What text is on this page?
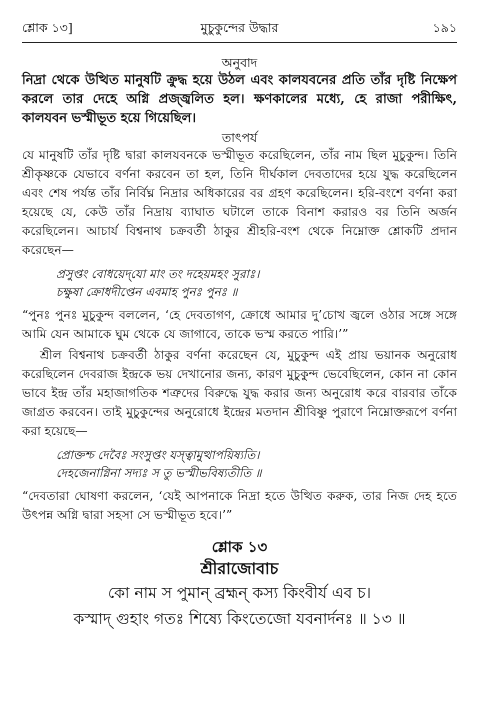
শ্লোক ১৩]	মুচুকুন্দের উদ্ধার	১৯১

অনুবাদ

নিদ্রা থেকে উত্থিত মানুষটি ক্রুদ্ধ হয়ে উঠল এবং কালযবনের প্রতি তাঁর দৃষ্টি নিক্ষেপ করলে তার দেহে অগ্নি প্রজ্জ্বলিত হল। ক্ষণকালের মধ্যে, হে রাজা পরীক্ষিৎ, কালযবন ভস্মীভূত হয়ে গিয়েছিল।

তাৎপর্য

যে মানুষটি তাঁর দৃষ্টি দ্বারা কালযবনকে ভস্মীভূত করেছিলেন, তাঁর নাম ছিল মুচুকুন্দ। তিনি শ্রীকৃষ্ণকে যেভাবে বর্ণনা করবেন তা হল, তিনি দীর্ঘকাল দেবতাদের হয়ে যুদ্ধ করেছিলেন এবং শেষ পর্যন্ত তাঁর নির্বিঘ্ন নিদ্রার অধিকারের বর গ্রহণ করেছিলেন। হরি-বংশে বর্ণনা করা হয়েছে যে, কেউ তাঁর নিদ্রায় ব্যাঘাত ঘটালে তাকে বিনাশ করারও বর তিনি অর্জন করেছিলেন। আচার্য বিশ্বনাথ চক্রবর্তী ঠাকুর শ্রীহরি-বংশ থেকে নিম্নোক্ত শ্লোকটি প্রদান করেছেন—

প্রসুপ্তং বোধয়েদ্‌যো মাং তং দহেয়মহং সুরাঃ।
চক্ষুষা ক্রোধদীপ্তেন এবমাহ পুনঃ পুনঃ ॥

“পুনঃ পুনঃ মুচুকুন্দ বললেন, ‘হে দেবতাগণ, ক্রোধে আমার দু’চোখ জ্বলে ওঠার সঙ্গে সঙ্গে আমি যেন আমাকে ঘুম থেকে যে জাগাবে, তাকে ভস্ম করতে পারি।’”

শ্রীল বিশ্বনাথ চক্রবর্তী ঠাকুর বর্ণনা করেছেন যে, মুচুকুন্দ এই প্রায় ভয়ানক অনুরোধ করেছিলেন দেবরাজ ইন্দ্রকে ভয় দেখানোর জন্য, কারণ মুচুকুন্দ ভেবেছিলেন, কোন না কোন ভাবে ইন্দ্র তাঁর মহাজাগতিক শত্রুদের বিরুদ্ধে যুদ্ধ করার জন্য অনুরোধ করে বারবার তাঁকে জাগ্রত করবেন। তাই মুচুকুন্দের অনুরোধে ইন্দ্রের মতদান শ্রীবিষ্ণু পুরাণে নিম্নোক্তরূপে বর্ণনা করা হয়েছে—

প্রোক্তশ্চ দেবৈঃ সংসুপ্তং যস্ত্বামুত্থাপয়িষ্যতি।
দেহজেনাগ্নিনা সদ্যঃ স তু ভস্মীভবিষ্যতীতি ॥

“দেবতারা ঘোষণা করলেন, ‘যেই আপনাকে নিদ্রা হতে উত্থিত করুক, তার নিজ দেহ হতে উৎপন্ন অগ্নি দ্বারা সহসা সে ভস্মীভূত হবে।’”

শ্লোক ১৩
শ্রীরাজোবাচ

কো নাম স পুমান্‌ ব্রহ্মন্‌ কস্য কিংবীর্য এব চ।

কস্মাদ্‌ গুহাং গতঃ শিষ্যে কিংতেজো যবনার্দনঃ ॥ ১৩ ॥
